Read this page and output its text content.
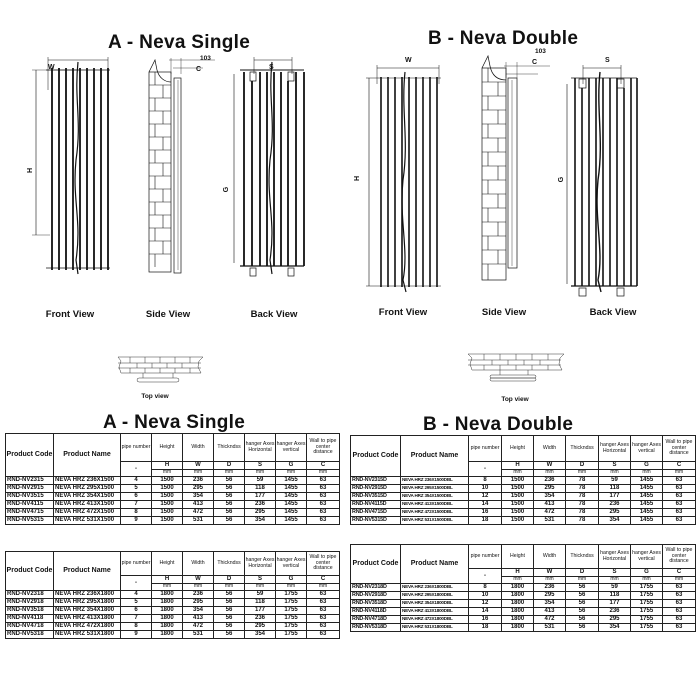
A - Neva Single
W
H
103
C	S
G
Front View	Side View	Back View
Top view
B - Neva Double
W
H
103
C	S
G
Front View	Side View	Back View
Top view
A - Neva Single	B - Neva Double
Product Code	Product Name	pipe number	Height	Width	Thickndss	hanger Axes Horizontal	hanger Axes vertical	Wall to pipe center distance
		-	H	W	D	S	G	C
			mm	mm	mm	mm	mm	mm
RND-NV2315	NEVA HRZ 236X1500	4	1500	236	56	59	1455	63
RND-NV2915	NEVA HRZ 295X1500	5	1500	295	56	118	1455	63
RND-NV3515	NEVA HRZ 354X1500	6	1500	354	56	177	1455	63
RND-NV4115	NEVA HRZ 413X1500	7	1500	413	56	236	1455	63
RND-NV4715	NEVA HRZ 472X1500	8	1500	472	56	295	1455	63
RND-NV5315	NEVA HRZ 531X1500	9	1500	531	56	354	1455	63
Product Code	Product Name	pipe number	Height	Width	Thickndss	hanger Axes Horizontal	hanger Axes vertical	Wall to pipe center distance
		-	H	W	D	S	G	C
			mm	mm	mm	mm	mm	mm
RND-NV2318	NEVA HRZ 236X1800	4	1800	236	56	59	1755	63
RND-NV2918	NEVA HRZ 295X1800	5	1800	295	56	118	1755	63
RND-NV3518	NEVA HRZ 354X1800	6	1800	354	56	177	1755	63
RND-NV4118	NEVA HRZ 413X1800	7	1800	413	56	236	1755	63
RND-NV4718	NEVA HRZ 472X1800	8	1800	472	56	295	1755	63
RND-NV5318	NEVA HRZ 531X1800	9	1800	531	56	354	1755	63
Product Code	Product Name	pipe number	Height	Width	Thickndss	hanger Axes Horizontal	hanger Axes vertical	Wall to pipe center distance
		-	H	W	D	S	G	C
			mm	mm	mm	mm	mm	mm
RND-NV2315D	NEVA HRZ 236X1500DBL	8	1500	236	78	59	1455	63
RND-NV2915D	NEVA HRZ 295X1500DBL	10	1500	295	78	118	1455	63
RND-NV3515D	NEVA HRZ 354X1500DBL	12	1500	354	78	177	1455	63
RND-NV4115D	NEVA HRZ 413X1500DBL	14	1500	413	78	236	1455	63
RND-NV4715D	NEVA HRZ 472X1500DBL	16	1500	472	78	295	1455	63
RND-NV5315D	NEVA HRZ 531X1500DBL	18	1500	531	78	354	1455	63
Product Code	Product Name	pipe number	Height	Width	Thickndss	hanger Axes Horizontal	hanger Axes vertical	Wall to pipe center distance
		-	H	W	D	S	G	C
			mm	mm	mm	mm	mm	mm
RND-NV2318D	NEVA HRZ 236X1800DBL	8	1800	236	56	59	1755	63
RND-NV2918D	NEVA HRZ 295X1800DBL	10	1800	295	56	118	1755	63
RND-NV3518D	NEVA HRZ 354X1800DBL	12	1800	354	56	177	1755	63
RND-NV4118D	NEVA HRZ 413X1800DBL	14	1800	413	56	236	1755	63
RND-NV4718D	NEVA HRZ 472X1800DBL	16	1800	472	56	295	1755	63
RND-NV5318D	NEVA HRZ 531X1800DBL	18	1800	531	56	354	1755	63
